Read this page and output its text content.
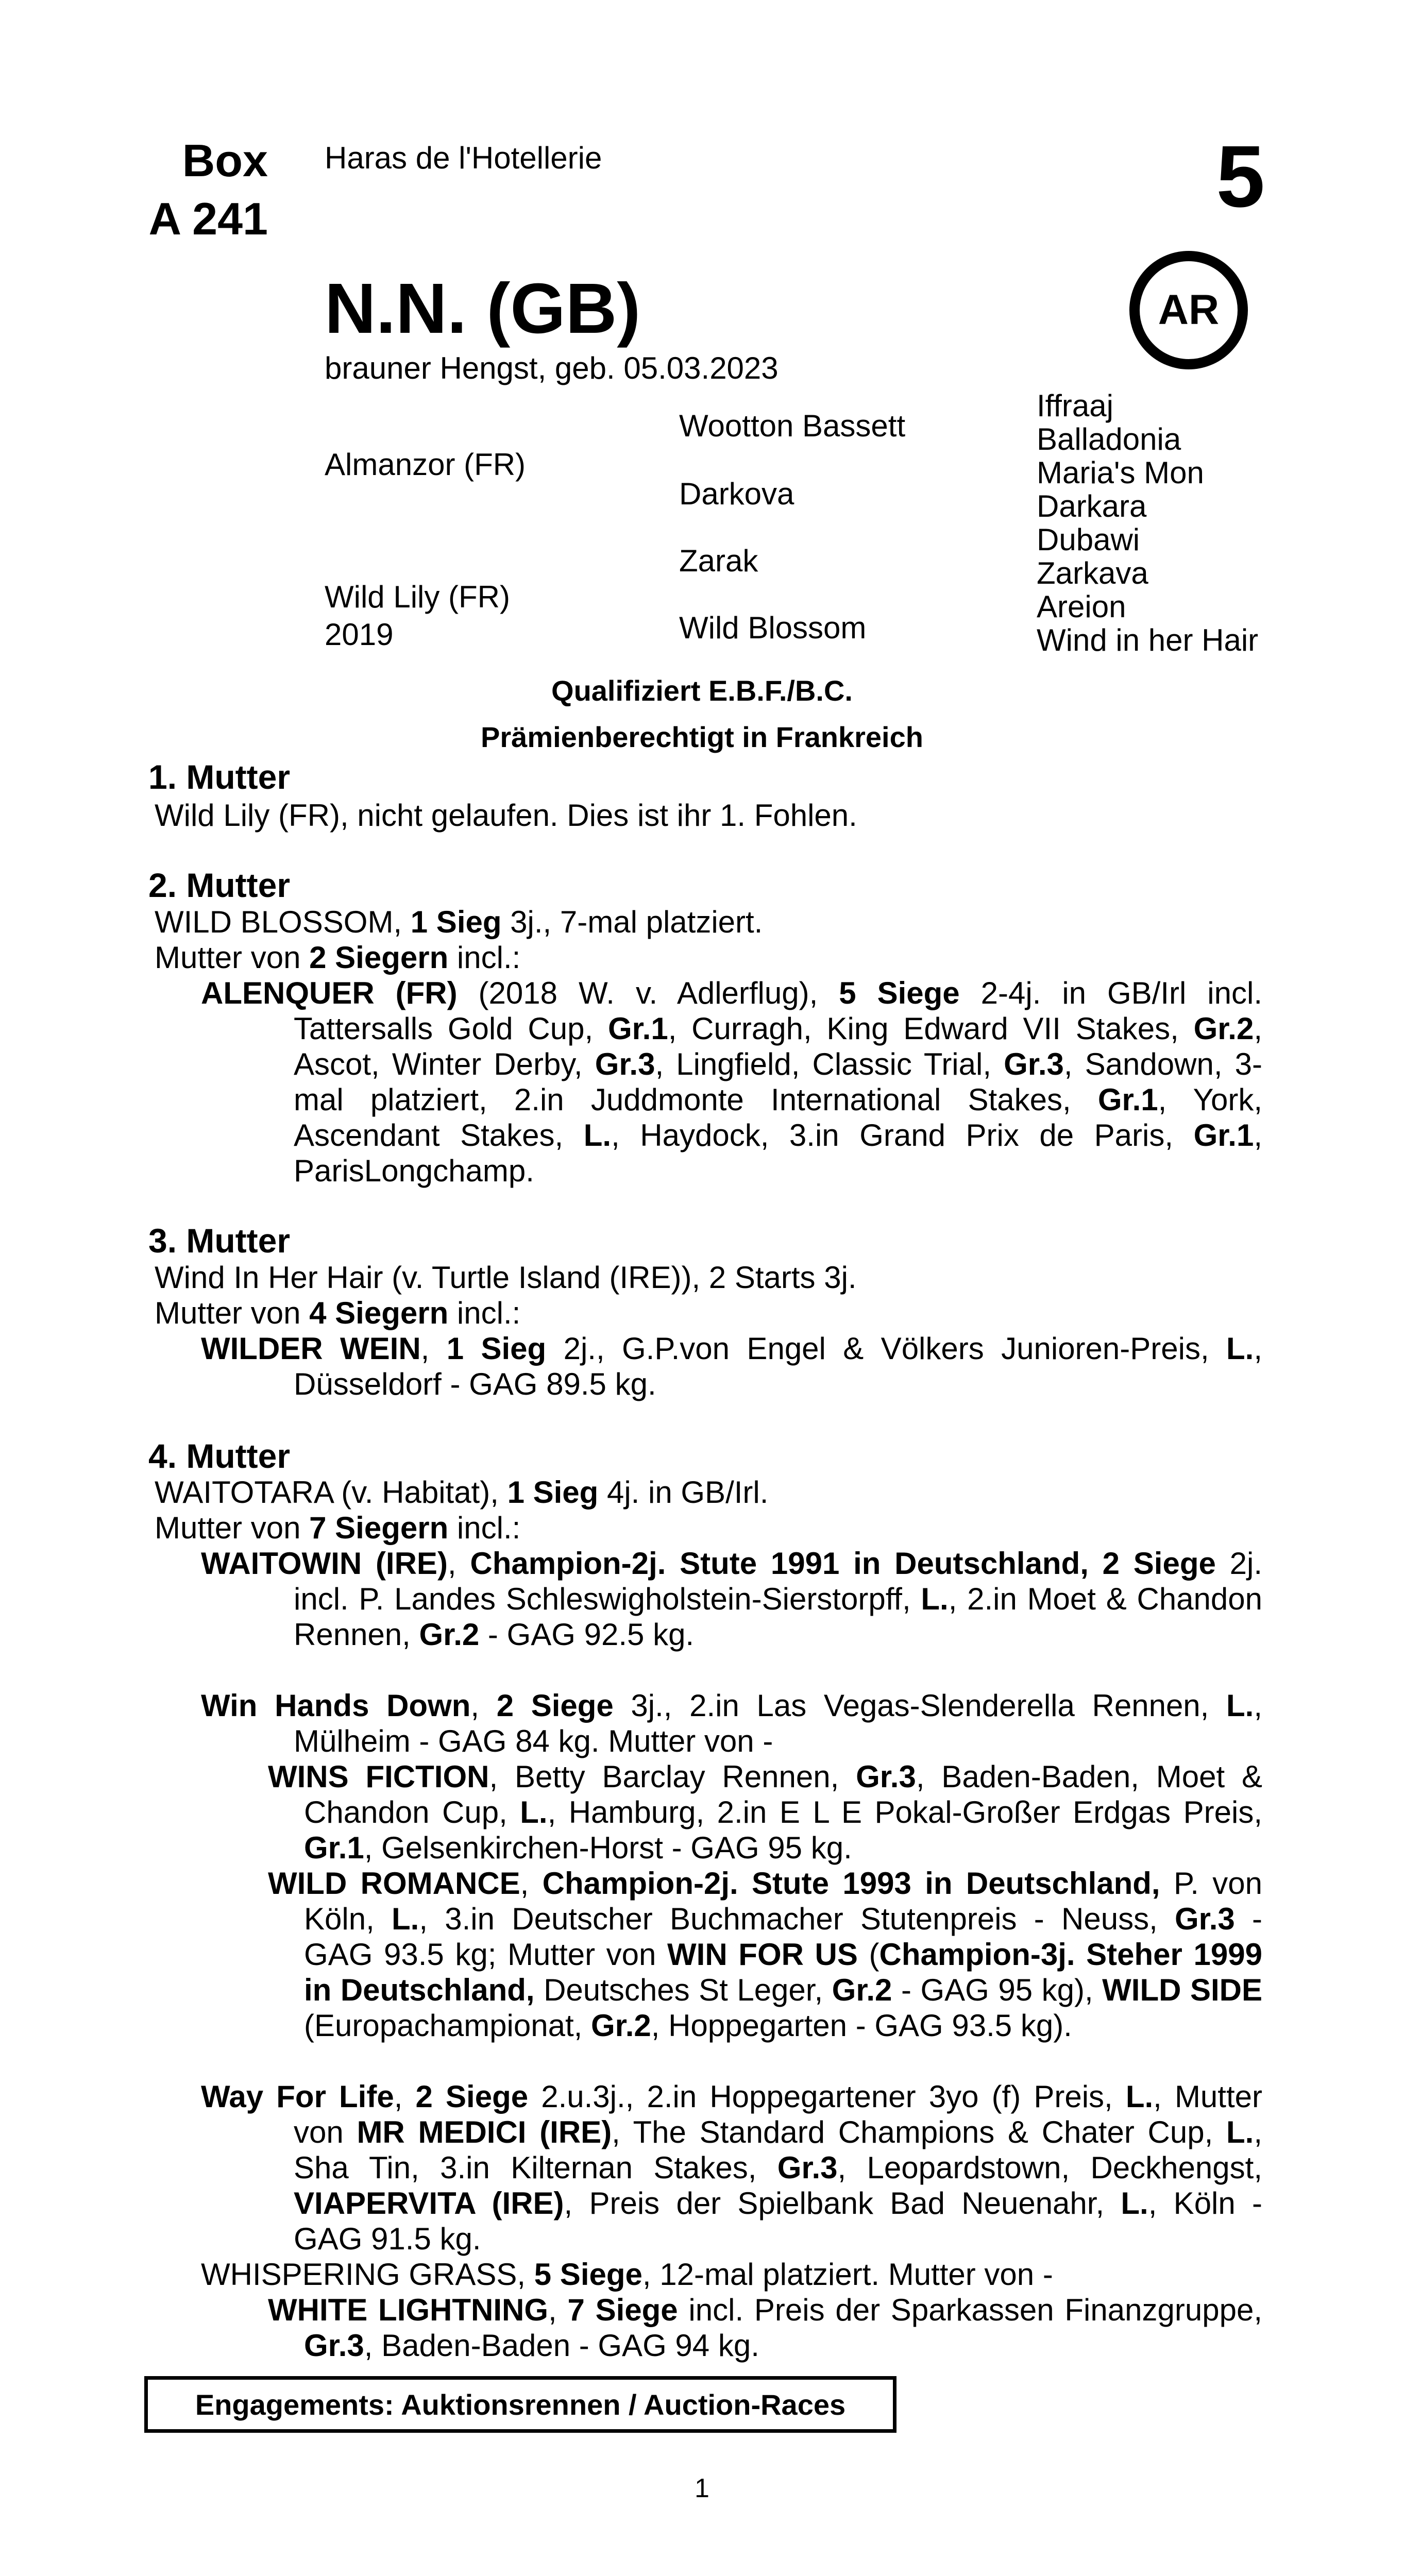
Box
A 241
Haras de l'Hotellerie	5
AR
N.N. (GB)
brauner Hengst, geb. 05.03.2023
Almanzor (FR)
Wild Lily (FR)
2019
Wootton Bassett
Darkova
Zarak
Wild Blossom
Iffraaj
Balladonia
Maria's Mon
Darkara
Dubawi
Zarkava
Areion
Wind in her Hair
Qualifiziert E.B.F./B.C.
Prämienberechtigt in Frankreich
1. Mutter
Wild Lily (FR), nicht gelaufen. Dies ist ihr 1. Fohlen.
2. Mutter
WILD BLOSSOM, 1 Sieg 3j., 7-mal platziert.
Mutter von 2 Siegern incl.:
ALENQUER (FR) (2018 W. v. Adlerflug), 5 Siege 2-4j. in GB/Irl incl. Tattersalls Gold Cup, Gr.1, Curragh, King Edward VII Stakes, Gr.2, Ascot, Winter Derby, Gr.3, Lingfield, Classic Trial, Gr.3, Sandown, 3-mal platziert, 2.in Juddmonte International Stakes, Gr.1, York, Ascendant Stakes, L., Haydock, 3.in Grand Prix de Paris, Gr.1, ParisLongchamp.
3. Mutter
Wind In Her Hair (v. Turtle Island (IRE)), 2 Starts 3j.
Mutter von 4 Siegern incl.:
WILDER WEIN, 1 Sieg 2j., G.P.von Engel & Völkers Junioren-Preis, L., Düsseldorf - GAG 89.5 kg.
4. Mutter
WAITOTARA (v. Habitat), 1 Sieg 4j. in GB/Irl.
Mutter von 7 Siegern incl.:
WAITOWIN (IRE), Champion-2j. Stute 1991 in Deutschland, 2 Siege 2j. incl. P. Landes Schleswigholstein-Sierstorpff, L., 2.in Moet & Chandon Rennen, Gr.2 - GAG 92.5 kg.
Win Hands Down, 2 Siege 3j., 2.in Las Vegas-Slenderella Rennen, L., Mülheim - GAG 84 kg. Mutter von -
WINS FICTION, Betty Barclay Rennen, Gr.3, Baden-Baden, Moet & Chandon Cup, L., Hamburg, 2.in E L E Pokal-Großer Erdgas Preis, Gr.1, Gelsenkirchen-Horst - GAG 95 kg.
WILD ROMANCE, Champion-2j. Stute 1993 in Deutschland, P. von Köln, L., 3.in Deutscher Buchmacher Stutenpreis - Neuss, Gr.3 - GAG 93.5 kg; Mutter von WIN FOR US (Champion-3j. Steher 1999 in Deutschland, Deutsches St Leger, Gr.2 - GAG 95 kg), WILD SIDE (Europachampionat, Gr.2, Hoppegarten - GAG 93.5 kg).
Way For Life, 2 Siege 2.u.3j., 2.in Hoppegartener 3yo (f) Preis, L., Mutter von MR MEDICI (IRE), The Standard Champions & Chater Cup, L., Sha Tin, 3.in Kilternan Stakes, Gr.3, Leopardstown, Deckhengst, VIAPERVITA (IRE), Preis der Spielbank Bad Neuenahr, L., Köln - GAG 91.5 kg.
WHISPERING GRASS, 5 Siege, 12-mal platziert. Mutter von -
WHITE LIGHTNING, 7 Siege incl. Preis der Sparkassen Finanzgruppe, Gr.3, Baden-Baden - GAG 94 kg.
Engagements: Auktionsrennen / Auction-Races
1
